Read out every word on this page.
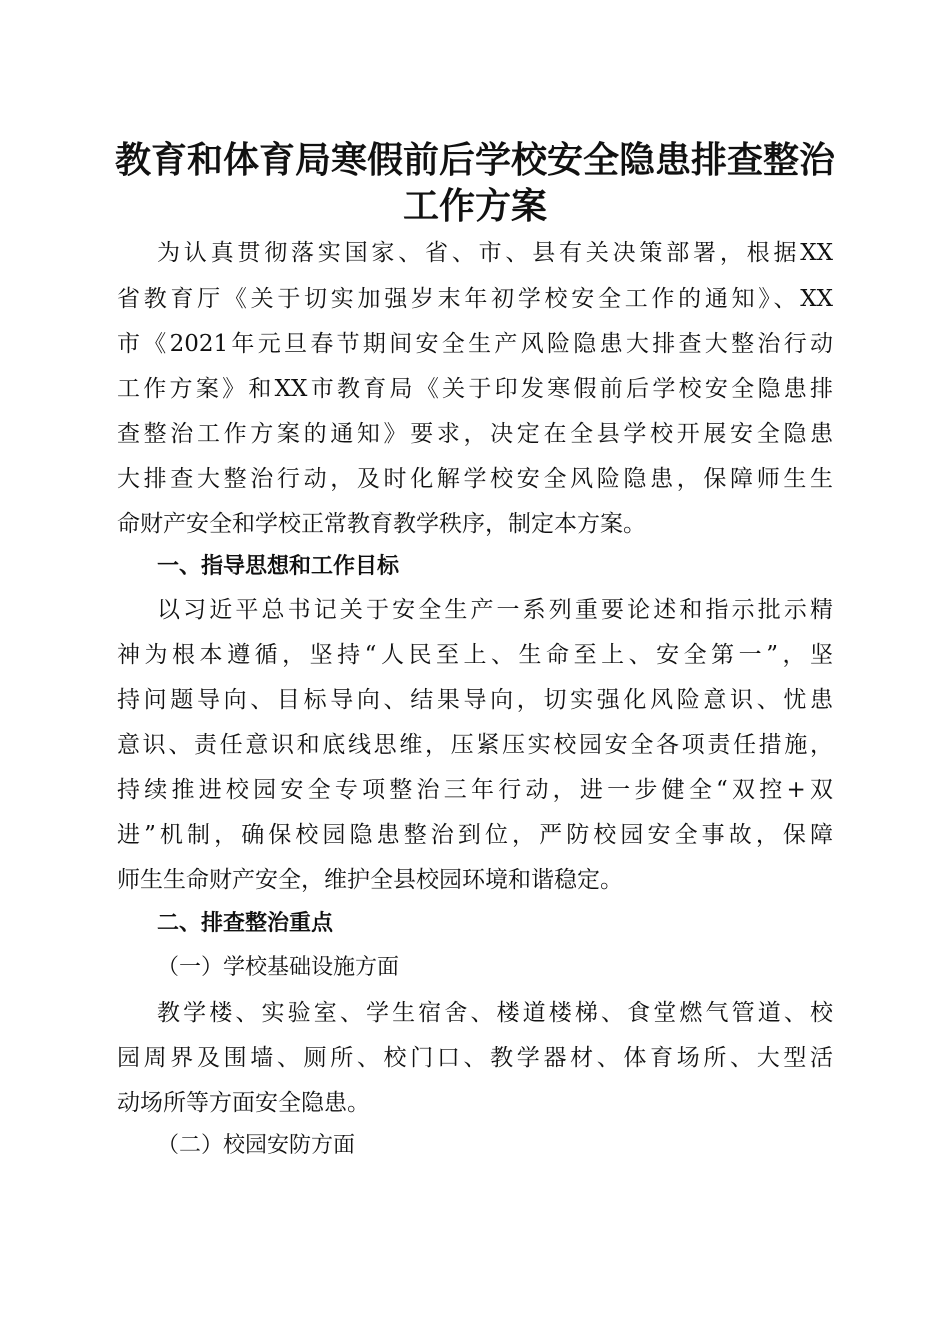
教育和体育局寒假前后学校安全隐患排查整治
工作方案
为认真贯彻落实国家、省、市、县有关决策部署，根据XX
省教育厅《关于切实加强岁末年初学校安全工作的通知》、XX
市《2021年元旦春节期间安全生产风险隐患大排查大整治行动
工作方案》和XX市教育局《关于印发寒假前后学校安全隐患排
查整治工作方案的通知》要求，决定在全县学校开展安全隐患
大排查大整治行动，及时化解学校安全风险隐患，保障师生生
命财产安全和学校正常教育教学秩序，制定本方案。
一、指导思想和工作目标
以习近平总书记关于安全生产一系列重要论述和指示批示精
神为根本遵循，坚持“人民至上、生命至上、安全第一”，坚
持问题导向、目标导向、结果导向，切实强化风险意识、忧患
意识、责任意识和底线思维，压紧压实校园安全各项责任措施，
持续推进校园安全专项整治三年行动，进一步健全“双控+双
进”机制，确保校园隐患整治到位，严防校园安全事故，保障
师生生命财产安全，维护全县校园环境和谐稳定。
二、排查整治重点
（一）学校基础设施方面
教学楼、实验室、学生宿舍、楼道楼梯、食堂燃气管道、校
园周界及围墙、厕所、校门口、教学器材、体育场所、大型活
动场所等方面安全隐患。
（二）校园安防方面
